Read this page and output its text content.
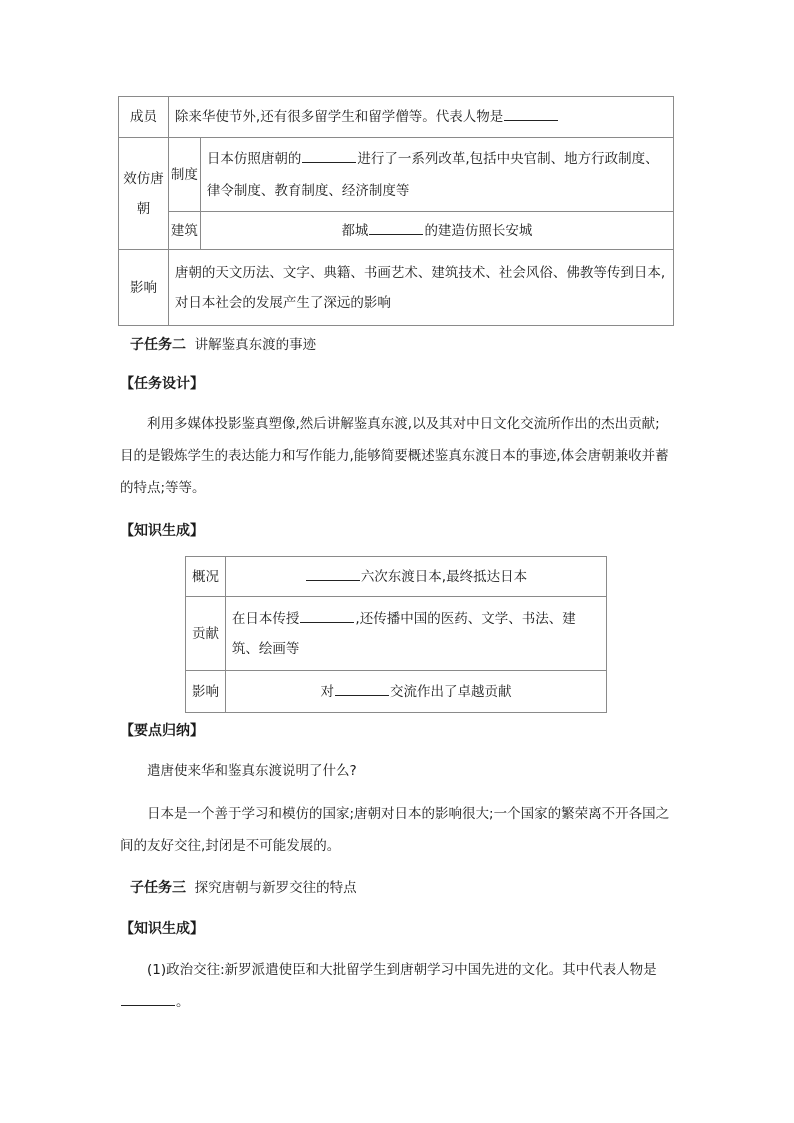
成员	除来华使节外,还有很多留学生和留学僧等。代表人物是	
效仿唐朝	制度	日本仿照唐朝的 进行了一系列改革,包括中央官制、地方行政制度、律令制度、教育制度、经济制度等
	建筑	都城 的建造仿照长安城
影响	唐朝的天文历法、文字、典籍、书画艺术、建筑技术、社会风俗、佛教等传到日本,对日本社会的发展产生了深远的影响	
子任务二 讲解鉴真东渡的事迹
【任务设计】
利用多媒体投影鉴真塑像,然后讲解鉴真东渡,以及其对中日文化交流所作出的杰出贡献;目的是锻炼学生的表达能力和写作能力,能够简要概述鉴真东渡日本的事迹,体会唐朝兼收并蓄的特点;等等。
【知识生成】
概况	六次东渡日本,最终抵达日本
贡献	在日本传授 ,还传播中国的医药、文学、书法、建筑、绘画等
影响	对 交流作出了卓越贡献
【要点归纳】
遣唐使来华和鉴真东渡说明了什么?
日本是一个善于学习和模仿的国家;唐朝对日本的影响很大;一个国家的繁荣离不开各国之间的友好交往,封闭是不可能发展的。
子任务三 探究唐朝与新罗交往的特点
【知识生成】
(1)政治交往:新罗派遣使臣和大批留学生到唐朝学习中国先进的文化。其中代表人物是。
